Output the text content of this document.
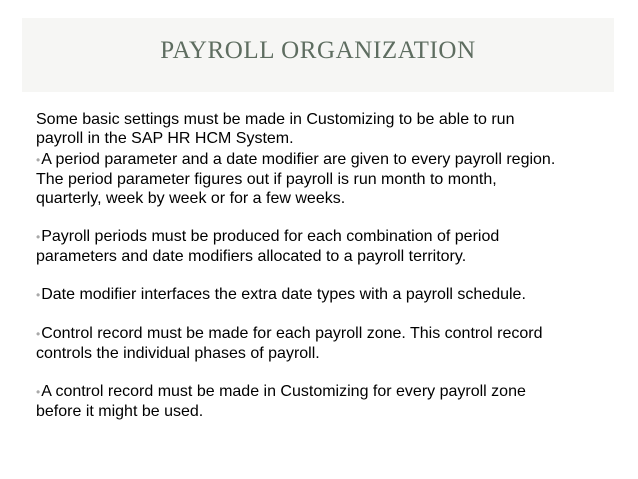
PAYROLL ORGANIZATION

Some basic settings must be made in Customizing to be able to run
payroll in the SAP HR HCM System.

•A period parameter and a date modifier are given to every payroll region.
The period parameter figures out if payroll is run month to month,
quarterly, week by week or for a few weeks.

•Payroll periods must be produced for each combination of period
parameters and date modifiers allocated to a payroll territory.

•Date modifier interfaces the extra date types with a payroll schedule.

•Control record must be made for each payroll zone. This control record
controls the individual phases of payroll.

•A control record must be made in Customizing for every payroll zone
before it might be used.
